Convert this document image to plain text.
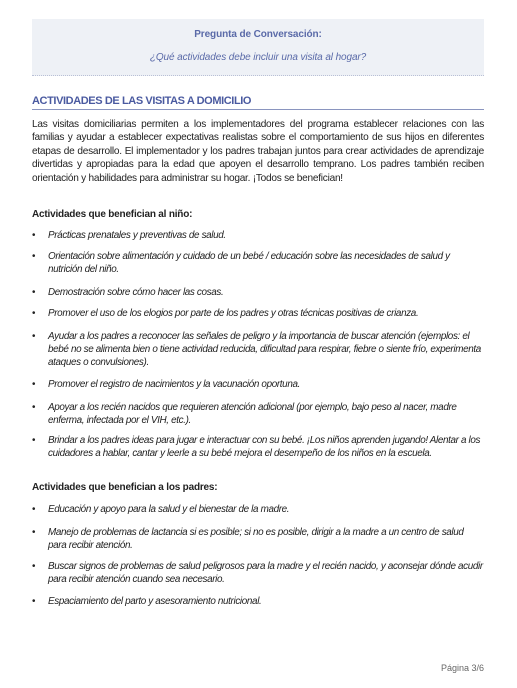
Pregunta de Conversación:
¿Qué actividades debe incluir una visita al hogar?
ACTIVIDADES DE LAS VISITAS A DOMICILIO
Las visitas domiciliarias permiten a los implementadores del programa establecer relaciones con las familias y ayudar a establecer expectativas realistas sobre el comportamiento de sus hijos en diferentes etapas de desarrollo. El implementador y los padres trabajan juntos para crear actividades de aprendizaje divertidas y apropiadas para la edad que apoyen el desarrollo temprano. Los padres también reciben orientación y habilidades para administrar su hogar. ¡Todos se benefician!
Actividades que benefician al niño:
• Prácticas prenatales y preventivas de salud.
• Orientación sobre alimentación y cuidado de un bebé / educación sobre las necesidades de salud y nutrición del niño.
• Demostración sobre cómo hacer las cosas.
• Promover el uso de los elogios por parte de los padres y otras técnicas positivas de crianza.
• Ayudar a los padres a reconocer las señales de peligro y la importancia de buscar atención (ejemplos: el bebé no se alimenta bien o tiene actividad reducida, dificultad para respirar, fiebre o siente frío, experimenta ataques o convulsiones).
• Promover el registro de nacimientos y la vacunación oportuna.
• Apoyar a los recién nacidos que requieren atención adicional (por ejemplo, bajo peso al nacer, madre enferma, infectada por el VIH, etc.).
• Brindar a los padres ideas para jugar e interactuar con su bebé. ¡Los niños aprenden jugando! Alentar a los cuidadores a hablar, cantar y leerle a su bebé mejora el desempeño de los niños en la escuela.
Actividades que benefician a los padres:
• Educación y apoyo para la salud y el bienestar de la madre.
• Manejo de problemas de lactancia si es posible; si no es posible, dirigir a la madre a un centro de salud para recibir atención.
• Buscar signos de problemas de salud peligrosos para la madre y el recién nacido, y aconsejar dónde acudir para recibir atención cuando sea necesario.
• Espaciamiento del parto y asesoramiento nutricional.
Página 3/6
